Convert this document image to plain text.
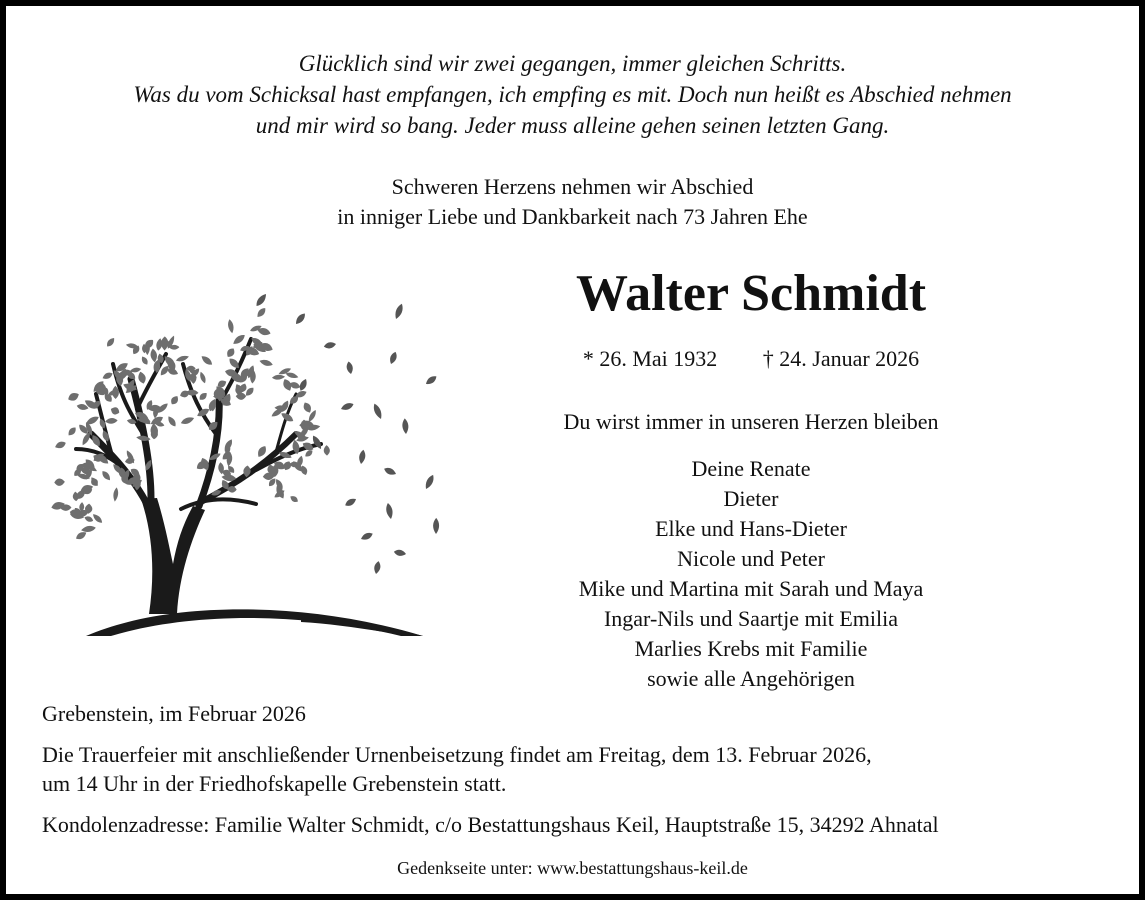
Glücklich sind wir zwei gegangen, immer gleichen Schritts.
Was du vom Schicksal hast empfangen, ich empfing es mit. Doch nun heißt es Abschied nehmen
und mir wird so bang. Jeder muss alleine gehen seinen letzten Gang.
Schweren Herzens nehmen wir Abschied
in inniger Liebe und Dankbarkeit nach 73 Jahren Ehe
Walter Schmidt
* 26. Mai 1932 † 24. Januar 2026
Du wirst immer in unseren Herzen bleiben
Deine Renate
Dieter
Elke und Hans-Dieter
Nicole und Peter
Mike und Martina mit Sarah und Maya
Ingar-Nils und Saartje mit Emilia
Marlies Krebs mit Familie
sowie alle Angehörigen
Grebenstein, im Februar 2026
Die Trauerfeier mit anschließender Urnenbeisetzung findet am Freitag, dem 13. Februar 2026,
um 14 Uhr in der Friedhofskapelle Grebenstein statt.
Kondolenzadresse: Familie Walter Schmidt, c/o Bestattungshaus Keil, Hauptstraße 15, 34292 Ahnatal
Gedenkseite unter: www.bestattungshaus-keil.de
